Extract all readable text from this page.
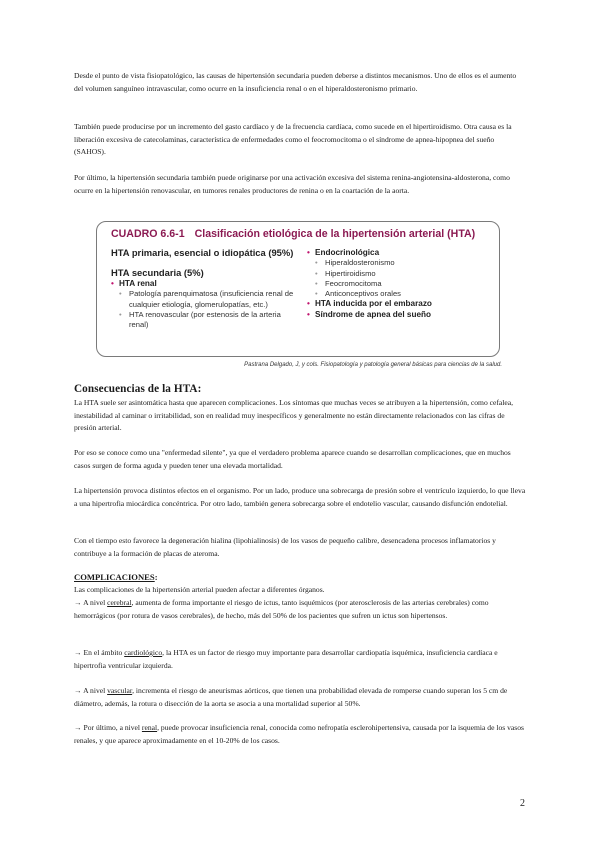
Desde el punto de vista fisiopatológico, las causas de hipertensión secundaria pueden deberse a distintos mecanismos. Uno de ellos es el aumento del volumen sanguíneo intravascular, como ocurre en la insuficiencia renal o en el hiperaldosteronismo primario.

También puede producirse por un incremento del gasto cardíaco y de la frecuencia cardíaca, como sucede en el hipertiroidismo. Otra causa es la liberación excesiva de catecolaminas, característica de enfermedades como el feocromocitoma o el síndrome de apnea-hipopnea del sueño (SAHOS).

Por último, la hipertensión secundaria también puede originarse por una activación excesiva del sistema renina-angiotensina-aldosterona, como ocurre en la hipertensión renovascular, en tumores renales productores de renina o en la coartación de la aorta.

CUADRO 6.6-1 Clasificación etiológica de la hipertensión arterial (HTA)
HTA primaria, esencial o idiopática (95%)
HTA secundaria (5%)
• HTA renal
• Patología parenquimatosa (insuficiencia renal de cualquier etiología, glomerulopatías, etc.)
• HTA renovascular (por estenosis de la arteria renal)
• Endocrinológica
• Hiperaldosteronismo
• Hipertiroidismo
• Feocromocitoma
• Anticonceptivos orales
• HTA inducida por el embarazo
• Síndrome de apnea del sueño
Pastrana Delgado, J, y cols. Fisiopatología y patología general básicas para ciencias de la salud.
Consecuencias de la HTA:

La HTA suele ser asintomática hasta que aparecen complicaciones. Los síntomas que muchas veces se atribuyen a la hipertensión, como cefalea, inestabilidad al caminar o irritabilidad, son en realidad muy inespecíficos y generalmente no están directamente relacionados con las cifras de presión arterial.

Por eso se conoce como una "enfermedad silente", ya que el verdadero problema aparece cuando se desarrollan complicaciones, que en muchos casos surgen de forma aguda y pueden tener una elevada mortalidad.

La hipertensión provoca distintos efectos en el organismo. Por un lado, produce una sobrecarga de presión sobre el ventrículo izquierdo, lo que lleva a una hipertrofia miocárdica concéntrica. Por otro lado, también genera sobrecarga sobre el endotelio vascular, causando disfunción endotelial.

Con el tiempo esto favorece la degeneración hialina (lipohialinosis) de los vasos de pequeño calibre, desencadena procesos inflamatorios y contribuye a la formación de placas de ateroma.

COMPLICACIONES:

Las complicaciones de la hipertensión arterial pueden afectar a diferentes órganos.

→ A nivel cerebral, aumenta de forma importante el riesgo de ictus, tanto isquémicos (por aterosclerosis de las arterias cerebrales) como hemorrágicos (por rotura de vasos cerebrales), de hecho, más del 50% de los pacientes que sufren un ictus son hipertensos.

→ En el ámbito cardiológico, la HTA es un factor de riesgo muy importante para desarrollar cardiopatía isquémica, insuficiencia cardíaca e hipertrofia ventricular izquierda.

→ A nivel vascular, incrementa el riesgo de aneurismas aórticos, que tienen una probabilidad elevada de romperse cuando superan los 5 cm de diámetro, además, la rotura o disección de la aorta se asocia a una mortalidad superior al 50%.

→ Por último, a nivel renal, puede provocar insuficiencia renal, conocida como nefropatía esclerohipertensiva, causada por la isquemia de los vasos renales, y que aparece aproximadamente en el 10-20% de los casos.

2
